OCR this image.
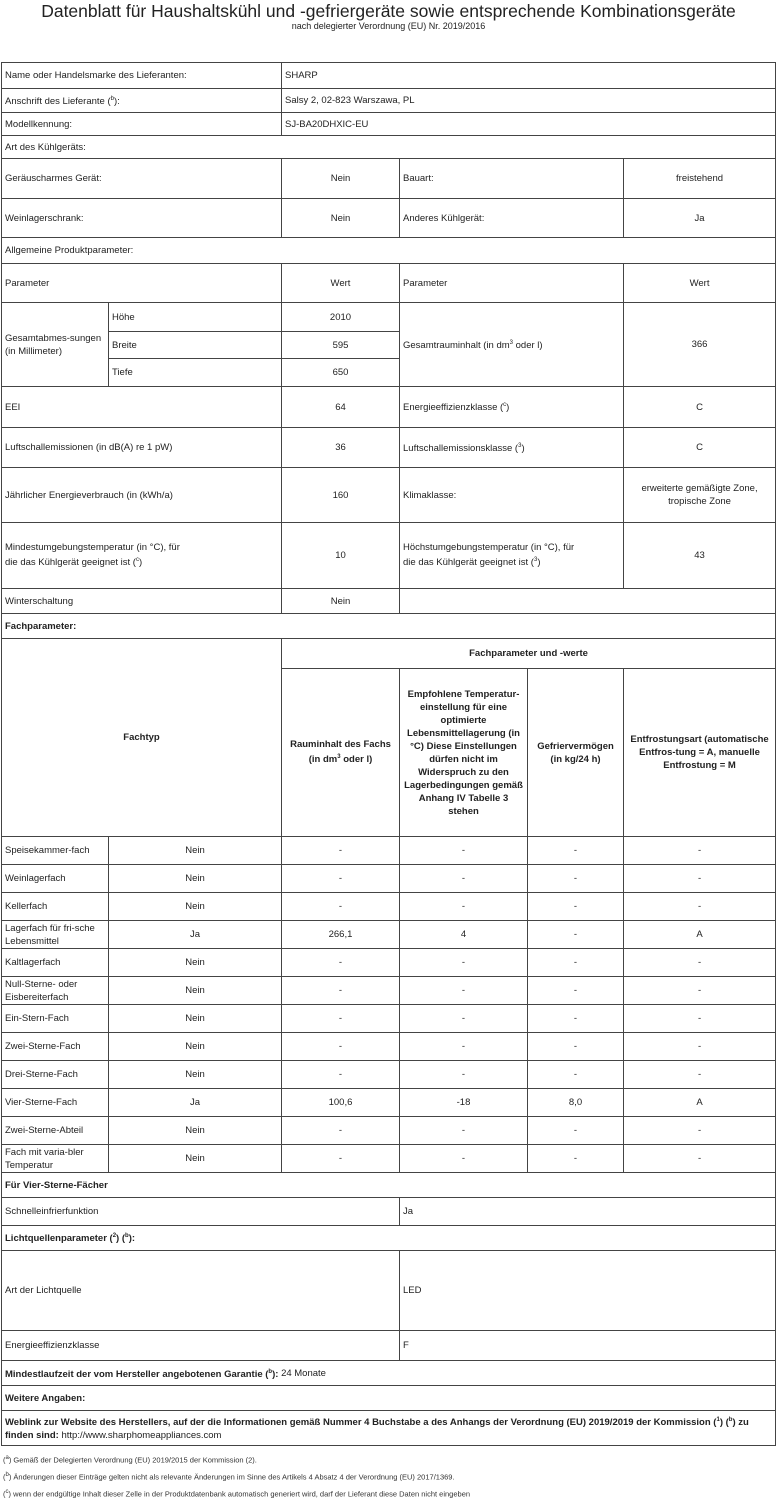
Datenblatt für Haushaltskühl und -gefriergeräte sowie entsprechende Kombinationsgeräte
nach delegierter Verordnung (EU) Nr. 2019/2016
Name oder Handelsmarke des Lieferanten:		SHARP			
Anschrift des Lieferante ($^b$):		Salsy 2, 02-823 Warszawa, PL			
Modellkennung:		SJ-BA20DHXIC-EU			
Art des Kühlgeräts:					
Geräuscharmes Gerät:		Nein	Bauart:		freistehend
Weinlagerschrank:		Nein	Anderes Kühlgerät:		Ja
Allgemeine Produktparameter:					
Parameter		Wert	Parameter		Wert
Gesamtabmes-sungen (in Millimeter)	Höhe	2010	Gesamtrauminhalt (in $dm^3$ oder l)		366
	Breite	595			
	Tiefe	650			
EEI		64	Energieeffizienzklasse ($^c$)		C

Luftschallemissionen (in dB(A) re 1 pW)		36	Luftschallemissionsklasse ($^3$)		C

Jährlicher Energieverbrauch (in (kWh/a)		160	Klimaklasse:		erweiterte gemäßigte Zone, tropische Zone

Mindestumgebungstemperatur (in °C), für die das Kühlgerät geeignet ist ($^c$)		10	Höchstumgebungstemperatur (in °C), für die das Kühlgerät geeignet ist ($^3$)		43
Winterschaltung		Nein			
Fachparameter:					
Fachtyp		Fachparameter und -werte			
		Rauminhalt des Fachs (in $dm^3$ oder l)	Empfohlene Temperatur-einstellung für eine optimierte Lebensmittellagerung (in °C) Diese Einstellungen dürfen nicht im Widerspruch zu den Lagerbedingungen gemäß Anhang IV Tabelle 3 stehen	Gefriervermögen (in kg/24 h)	Entfrostungsart (automatische Entfros-tung = A, manuelle Entfrostung = M
Speisekammer-fach	Nein	-	-	-	-
Weinlagerfach	Nein	-	-	-	-
Kellerfach	Nein	-	-	-	-
Lagerfach für fri-sche Lebensmittel	Ja	266,1	4	-	A
Kaltlagerfach	Nein	-	-	-	-
Null-Sterne- oder Eisbereiterfach	Nein	-	-	-	-
Ein-Stern-Fach	Nein	-	-	-	-
Zwei-Sterne-Fach	Nein	-	-	-	-
Drei-Sterne-Fach	Nein	-	-	-	-
Vier-Sterne-Fach	Ja	100,6	-18	8,0	A
Zwei-Sterne-Abteil	Nein	-	-	-	-
Fach mit varia-bler Temperatur	Nein	-	-	-	-
Für Vier-Sterne-Fächer					
Schnelleinfrierfunktion			Ja		
Lichtquellenparameter ($^2$) ($^b$):					
Art der Lichtquelle			LED		
Energieeffizienzklasse			F		
Mindestlaufzeit der vom Hersteller angebotenen Garantie ($^b$): 24 Monate					
Weitere Angaben:					
Weblink zur Website des Herstellers, auf der die Informationen gemäß Nummer 4 Buchstabe a des Anhangs der Verordnung (EU) 2019/2019 der Kommission ($^1$) ($^b$) zu finden sind: http://www.sharphomeappliances.com					
($^a$) Gemäß der Delegierten Verordnung (EU) 2019/2015 der Kommission (2).
($^b$) Änderungen dieser Einträge gelten nicht als relevante Änderungen im Sinne des Artikels 4 Absatz 4 der Verordnung (EU) 2017/1369.
($^c$) wenn der endgültige Inhalt dieser Zelle in der Produktdatenbank automatisch generiert wird, darf der Lieferant diese Daten nicht eingeben
